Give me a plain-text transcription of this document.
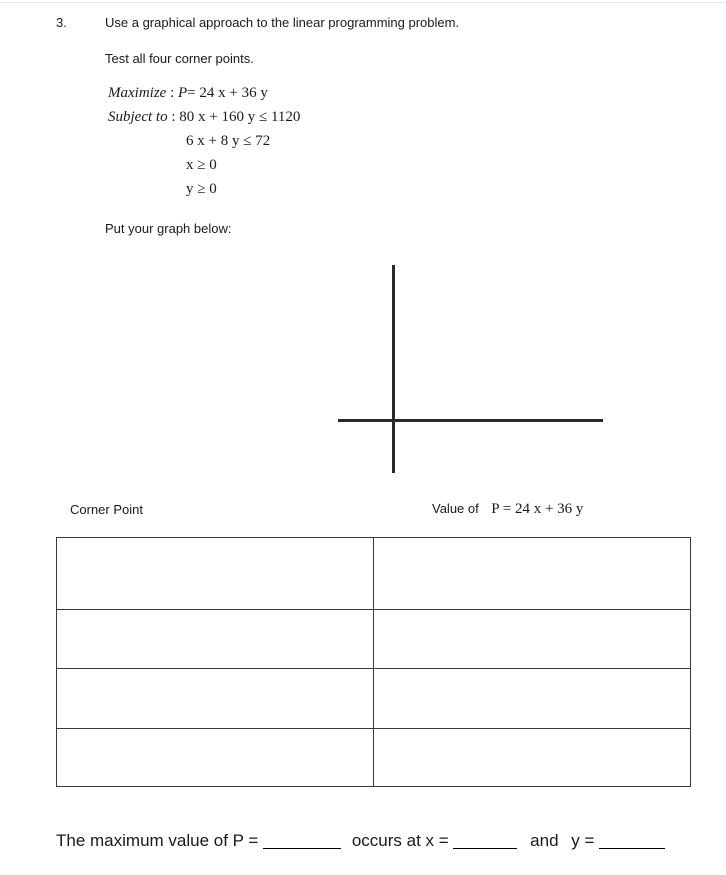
3.	Use a graphical approach to the linear programming problem.
Test all four corner points.
Maximize : P= 24 x + 36 y
Subject to : 80 x + 160 y ≤ 1120
6 x + 8 y ≤ 72
x ≥ 0
y ≥ 0
Put your graph below:
Corner Point	Value of P = 24 x + 36 y

The maximum value of P =	occurs at x =	and y =
